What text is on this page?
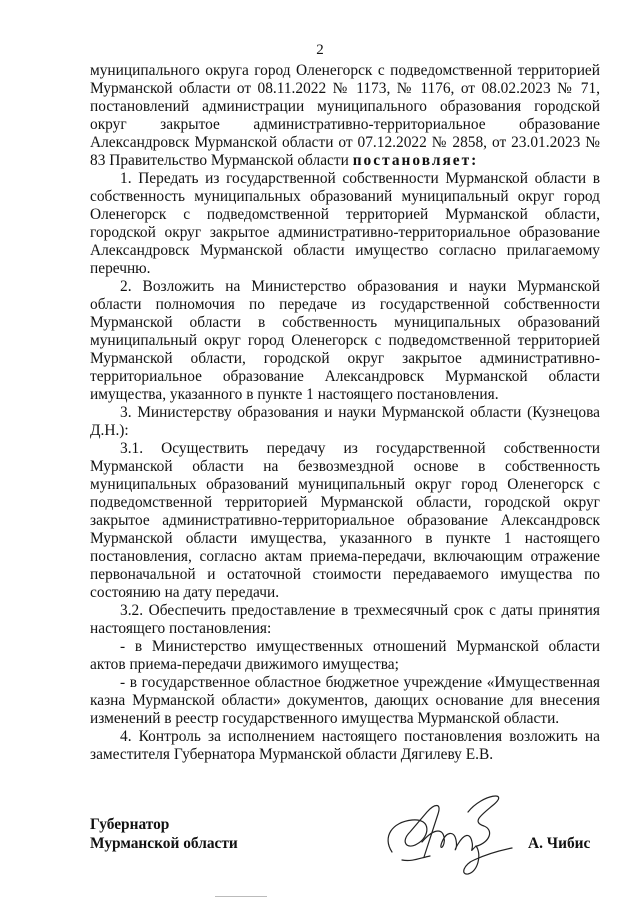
2

муниципального округа город Оленегорск с подведомственной территорией Мурманской области от 08.11.2022 № 1173, № 1176, от 08.02.2023 № 71, постановлений администрации муниципального образования городской округ закрытое административно-территориальное образование Александровск Мурманской области от 07.12.2022 № 2858, от 23.01.2023 № 83 Правительство Мурманской области постановляет:

1. Передать из государственной собственности Мурманской области в собственность муниципальных образований муниципальный округ город Оленегорск с подведомственной территорией Мурманской области, городской округ закрытое административно-территориальное образование Александровск Мурманской области имущество согласно прилагаемому перечню.

2. Возложить на Министерство образования и науки Мурманской области полномочия по передаче из государственной собственности Мурманской области в собственность муниципальных образований муниципальный округ город Оленегорск с подведомственной территорией Мурманской области, городской округ закрытое административно-территориальное образование Александровск Мурманской области имущества, указанного в пункте 1 настоящего постановления.

3. Министерству образования и науки Мурманской области (Кузнецова Д.Н.):

3.1. Осуществить передачу из государственной собственности Мурманской области на безвозмездной основе в собственность муниципальных образований муниципальный округ город Оленегорск с подведомственной территорией Мурманской области, городской округ закрытое административно-территориальное образование Александровск Мурманской области имущества, указанного в пункте 1 настоящего постановления, согласно актам приема-передачи, включающим отражение первоначальной и остаточной стоимости передаваемого имущества по состоянию на дату передачи.

3.2. Обеспечить предоставление в трехмесячный срок с даты принятия настоящего постановления:

- в Министерство имущественных отношений Мурманской области актов приема-передачи движимого имущества;

- в государственное областное бюджетное учреждение «Имущественная казна Мурманской области» документов, дающих основание для внесения изменений в реестр государственного имущества Мурманской области.

4. Контроль за исполнением настоящего постановления возложить на заместителя Губернатора Мурманской области Дягилеву Е.В.

Губернатор
Мурманской области	А. Чибис
